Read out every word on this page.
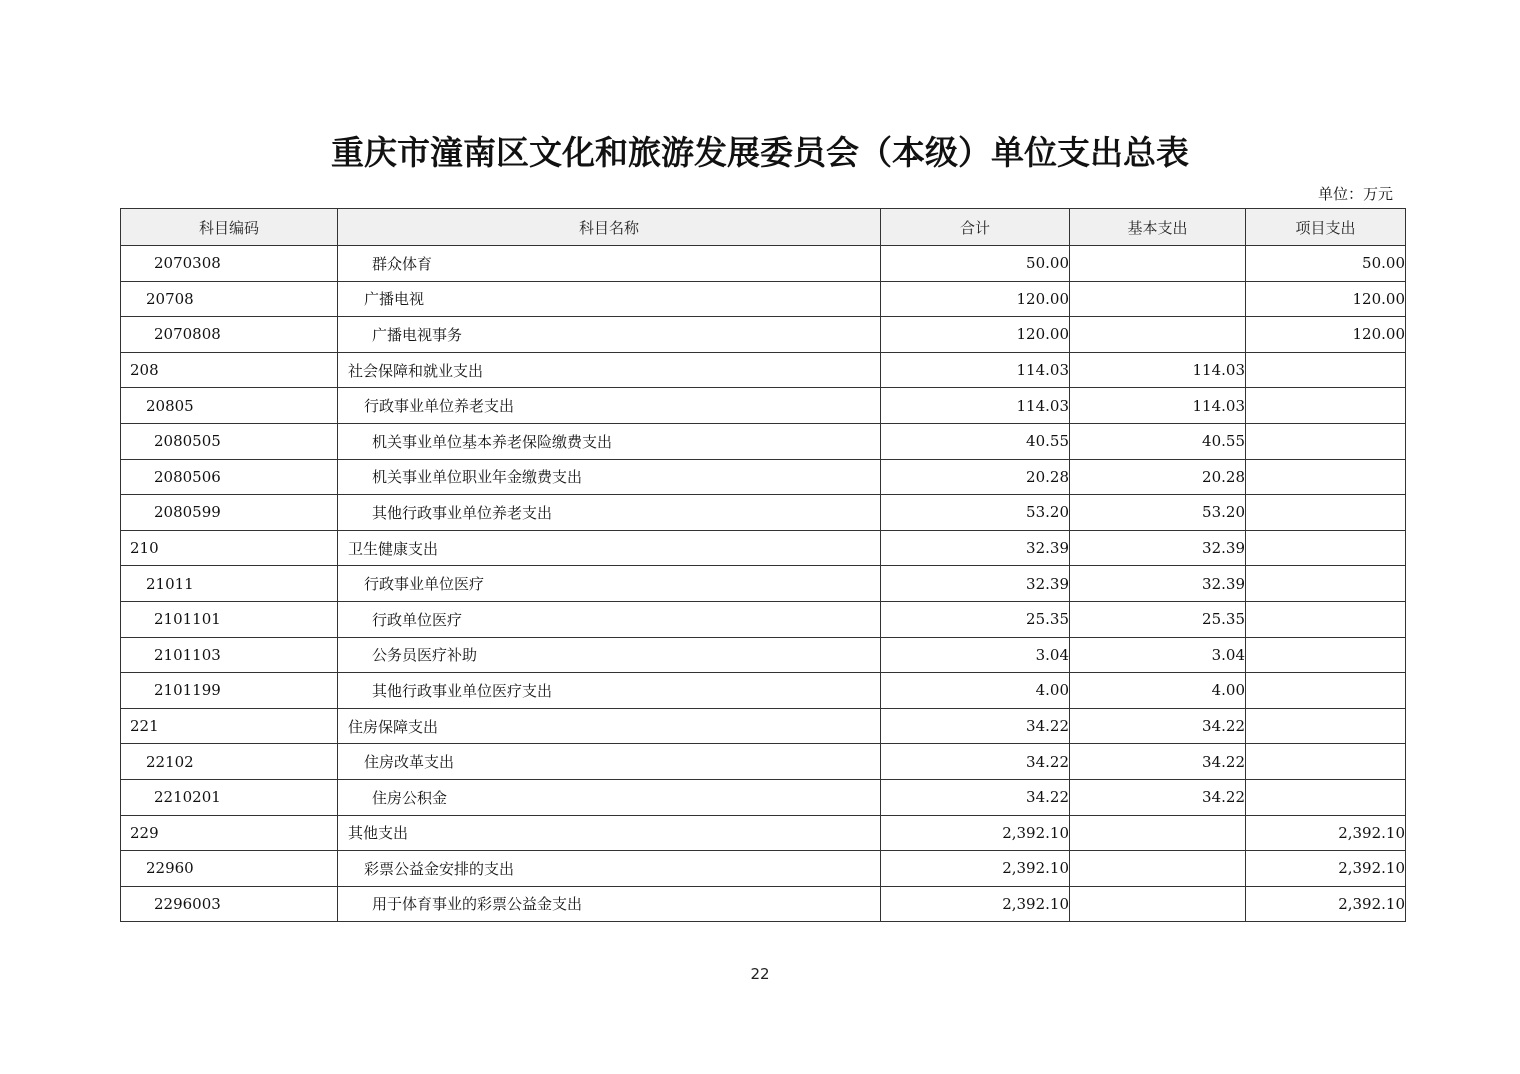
重庆市潼南区文化和旅游发展委员会（本级）单位支出总表
单位：万元
科目编码	科目名称	合计	基本支出	项目支出
2070308	群众体育	50.00		50.00
20708	广播电视	120.00		120.00
2070808	广播电视事务	120.00		120.00
208	社会保障和就业支出	114.03	114.03	
20805	行政事业单位养老支出	114.03	114.03	
2080505	机关事业单位基本养老保险缴费支出	40.55	40.55	
2080506	机关事业单位职业年金缴费支出	20.28	20.28	
2080599	其他行政事业单位养老支出	53.20	53.20	
210	卫生健康支出	32.39	32.39	
21011	行政事业单位医疗	32.39	32.39	
2101101	行政单位医疗	25.35	25.35	
2101103	公务员医疗补助	3.04	3.04	
2101199	其他行政事业单位医疗支出	4.00	4.00	
221	住房保障支出	34.22	34.22	
22102	住房改革支出	34.22	34.22	
2210201	住房公积金	34.22	34.22	
229	其他支出	2,392.10		2,392.10
22960	彩票公益金安排的支出	2,392.10		2,392.10
2296003	用于体育事业的彩票公益金支出	2,392.10		2,392.10
22
